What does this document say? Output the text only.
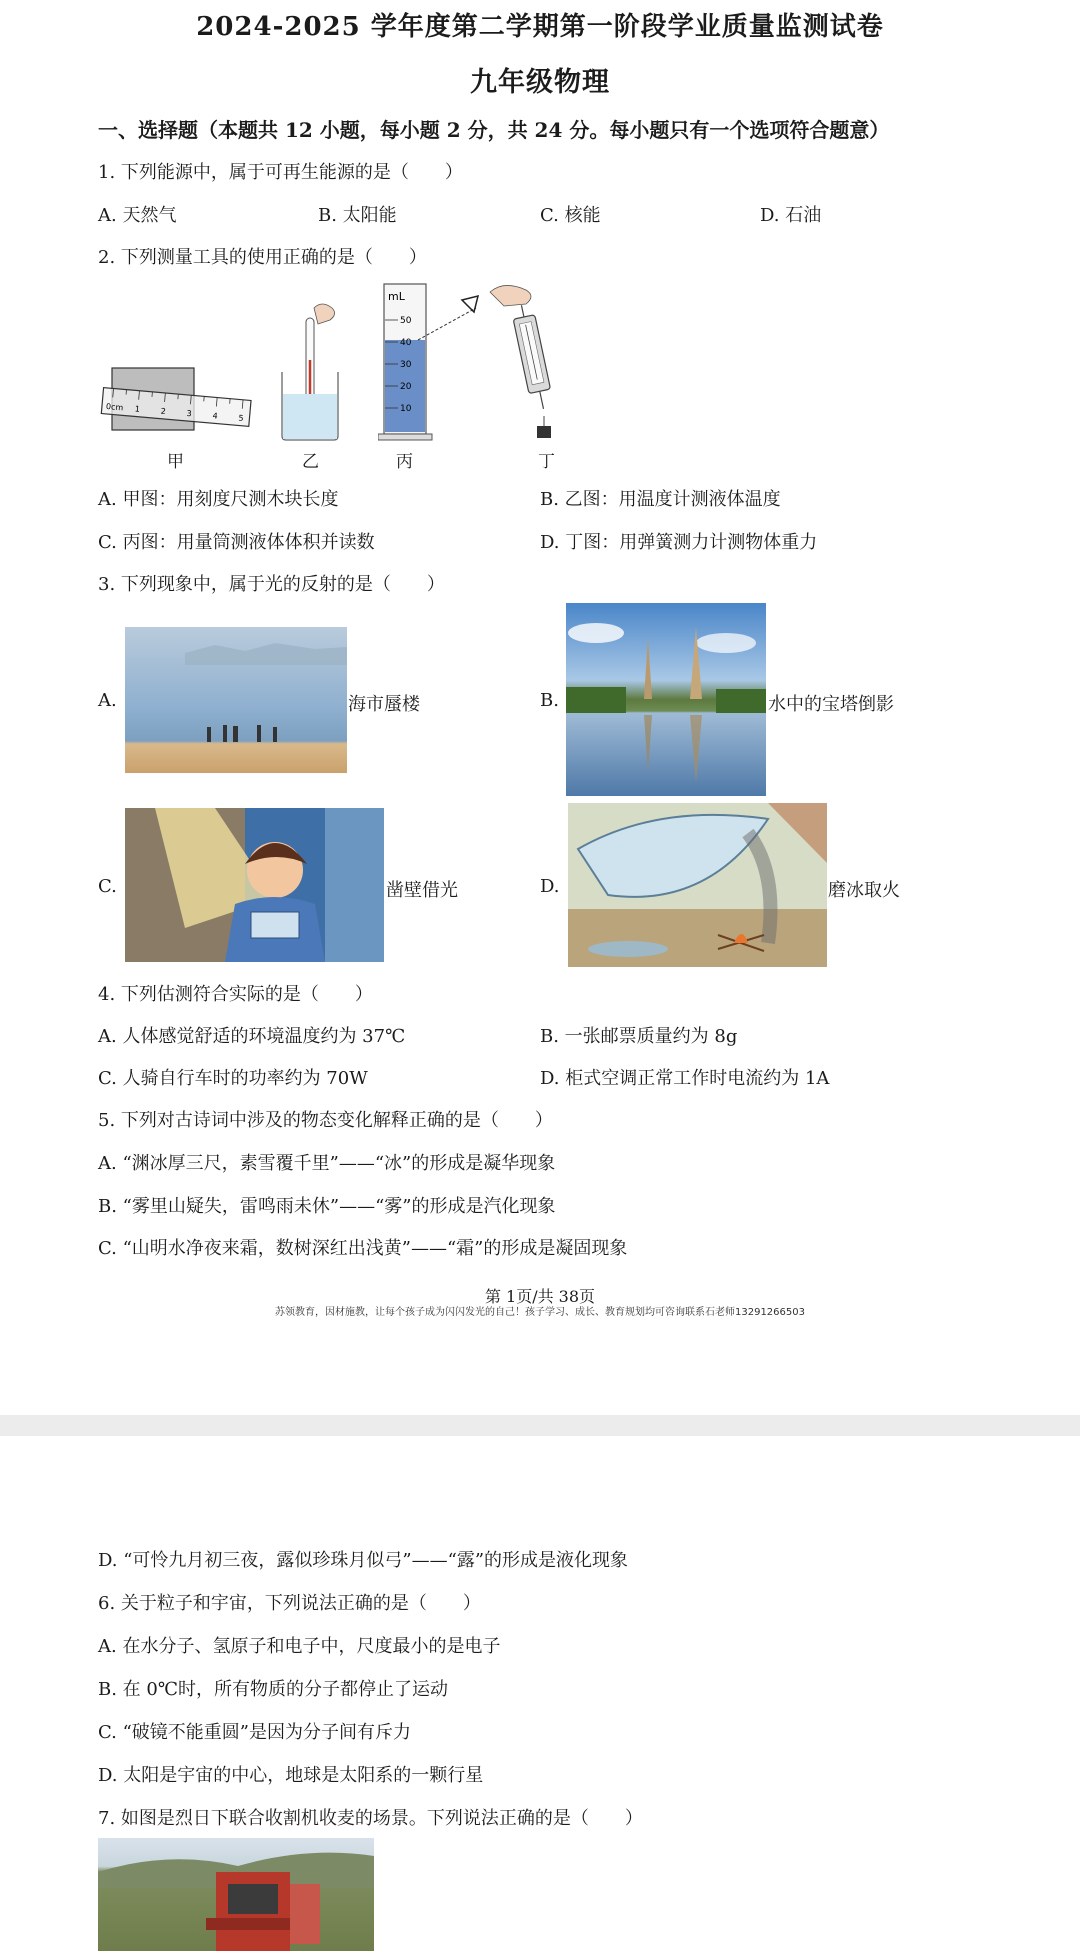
2024-2025 学年度第二学期第一阶段学业质量监测试卷
九年级物理
一、选择题（本题共 12 小题，每小题 2 分，共 24 分。每小题只有一个选项符合题意）
1. 下列能源中，属于可再生能源的是（　　）
A. 天然气	B. 太阳能	C. 核能	D. 石油
2. 下列测量工具的使用正确的是（　　）
0cm 1	2	3	4	5
甲	乙
mL
50
40
30
20
10
丙	丁
A. 甲图：用刻度尺测木块长度	B. 乙图：用温度计测液体温度
C. 丙图：用量筒测液体体积并读数	D. 丁图：用弹簧测力计测物体重力
3. 下列现象中，属于光的反射的是（　　）
A.	海市蜃楼	B.	水中的宝塔倒影
C.	凿壁借光	D.	磨冰取火
4. 下列估测符合实际的是（　　）
A. 人体感觉舒适的环境温度约为 37℃	B. 一张邮票质量约为 8g
C. 人骑自行车时的功率约为 70W	D. 柜式空调正常工作时电流约为 1A
5. 下列对古诗词中涉及的物态变化解释正确的是（　　）
A. “渊冰厚三尺，素雪覆千里”——“冰”的形成是凝华现象
B. “雾里山疑失，雷鸣雨未休”——“雾”的形成是汽化现象
C. “山明水净夜来霜，数树深红出浅黄”——“霜”的形成是凝固现象
第 1页/共 38页
苏领教育，因材施教，让每个孩子成为闪闪发光的自己！孩子学习、成长、教育规划均可咨询联系石老师13291266503
D. “可怜九月初三夜，露似珍珠月似弓”——“露”的形成是液化现象
6. 关于粒子和宇宙，下列说法正确的是（　　）
A. 在水分子、氢原子和电子中，尺度最小的是电子
B. 在 0℃时，所有物质的分子都停止了运动
C. “破镜不能重圆”是因为分子间有斥力
D. 太阳是宇宙的中心，地球是太阳系的一颗行星
7. 如图是烈日下联合收割机收麦的场景。下列说法正确的是（　　）
